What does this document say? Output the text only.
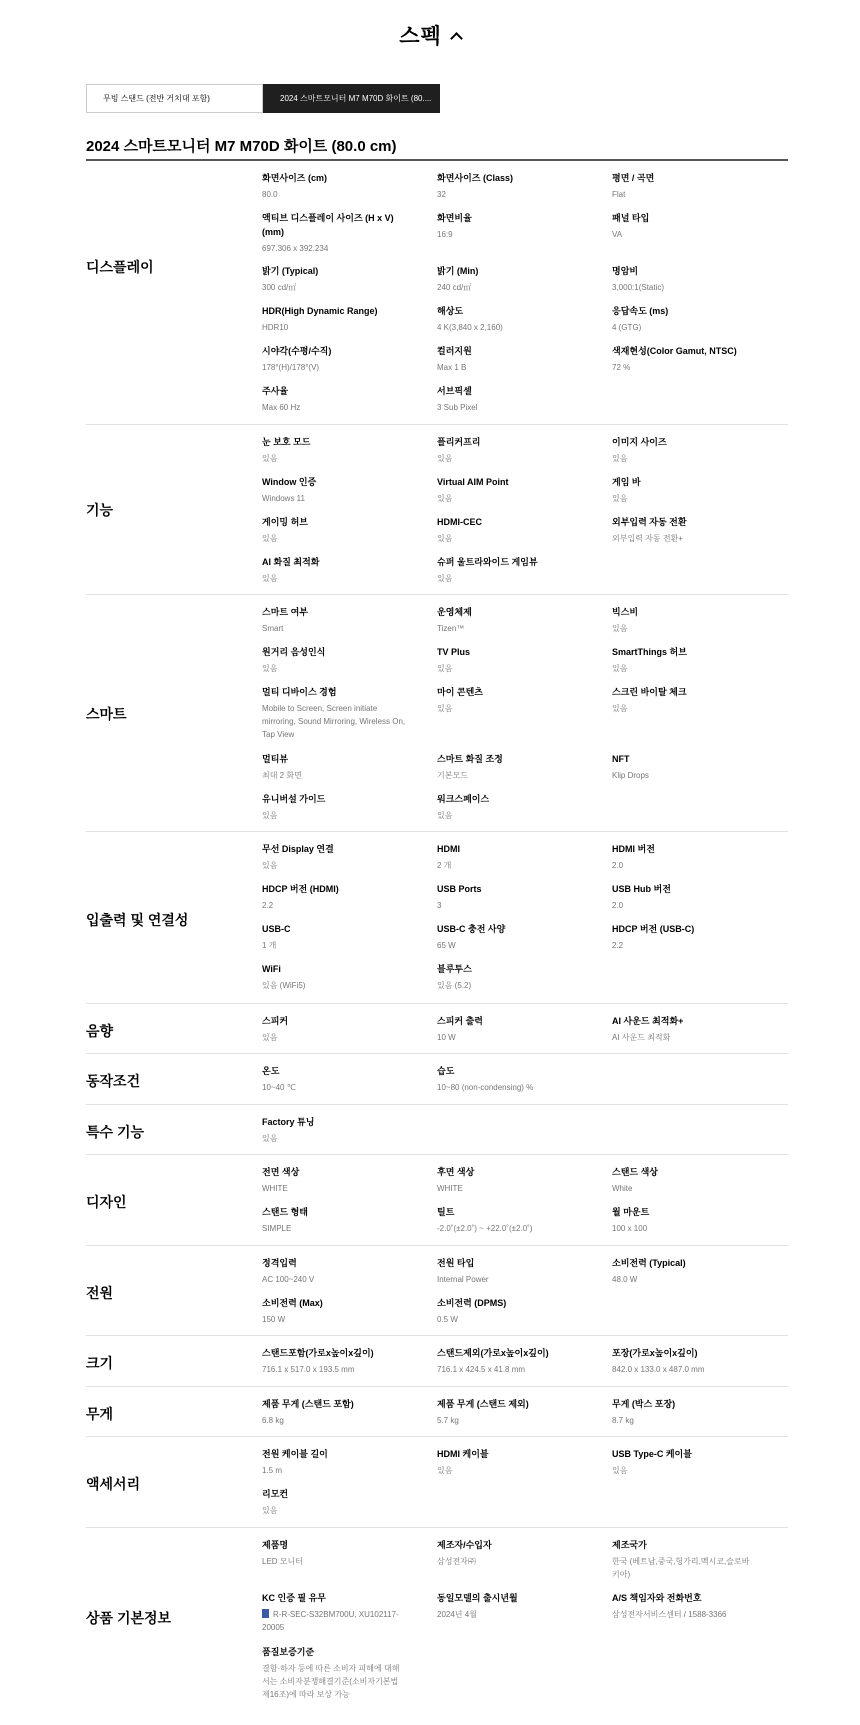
스펙
무빙 스탠드 (전반 거치대 포함)	2024 스마트모니터 M7 M70D 화이트 (80....
2024 스마트모니터 M7 M70D 화이트 (80.0 cm)
디스플레이
화면사이즈 (cm)
80.0
화면사이즈 (Class)
32
평면 / 곡면
Flat
액티브 디스플레이 사이즈 (H x V) (mm)
697.306 x 392.234
화면비율
16:9
패널 타입
VA
밝기 (Typical)
300 cd/㎡
밝기 (Min)
240 cd/㎡
명암비
3,000:1(Static)
HDR(High Dynamic Range)
HDR10
해상도
4 K(3,840 x 2,160)
응답속도 (ms)
4 (GTG)
시야각(수평/수직)
178°(H)/178°(V)
컬러지원
Max 1 B
색재현성(Color Gamut, NTSC)
72 %
주사율
Max 60 Hz
서브픽셀
3 Sub Pixel
기능
눈 보호 모드
있음
플리커프리
있음
이미지 사이즈
있음
Window 인증
Windows 11
Virtual AIM Point
있음
게임 바
있음
게이밍 허브
있음
HDMI-CEC
있음
외부입력 자동 전환
외부입력 자동 전환+
AI 화질 최적화
있음
슈퍼 울트라와이드 게임뷰
있음
스마트
스마트 여부
Smart
운영체제
Tizen™
빅스비
있음
원거리 음성인식
있음
TV Plus
있음
SmartThings 허브
있음
멀티 디바이스 경험
Mobile to Screen, Screen initiate mirroring, Sound Mirroring, Wireless On, Tap View
마이 콘텐츠
있음
스크린 바이탈 체크
있음
멀티뷰
최대 2 화면
스마트 화질 조정
기본모드
NFT
Klip Drops
유니버설 가이드
있음
워크스페이스
있음
입출력 및 연결성
무선 Display 연결
있음
HDMI
2 개
HDMI 버전
2.0
HDCP 버전 (HDMI)
2.2
USB Ports
3
USB Hub 버전
2.0
USB-C
1 개
USB-C 충전 사양
65 W
HDCP 버전 (USB-C)
2.2
WiFi
있음 (WiFi5)
블루투스
있음 (5.2)
음향
스피커
있음
스피커 출력
10 W
AI 사운드 최적화+
AI 사운드 최적화
동작조건
온도
10~40 ℃
습도
10~80 (non-condensing) %
특수 기능
Factory 튜닝
있음
디자인
전면 색상
WHITE
후면 색상
WHITE
스탠드 색상
White
스탠드 형태
SIMPLE
틸트
-2.0˚(±2.0˚) ~ +22.0˚(±2.0˚)
월 마운트
100 x 100
전원
정격입력
AC 100~240 V
전원 타입
Internal Power
소비전력 (Typical)
48.0 W
소비전력 (Max)
150 W
소비전력 (DPMS)
0.5 W
크기
스탠드포함(가로x높이x깊이)
716.1 x 517.0 x 193.5 mm
스탠드제외(가로x높이x깊이)
716.1 x 424.5 x 41.8 mm
포장(가로x높이x깊이)
842.0 x 133.0 x 487.0 mm
무게
제품 무게 (스탠드 포함)
6.8 kg
제품 무게 (스탠드 제외)
5.7 kg
무게 (박스 포장)
8.7 kg
액세서리
전원 케이블 길이
1.5 m
HDMI 케이블
있음
USB Type-C 케이블
있음
리모컨
있음
상품 기본정보
제품명
LED 모니터
제조자/수입자
삼성전자㈜
제조국가
한국 (베트남,중국,헝가리,멕시코,슬로바키아)
KC 인증 필 유무
R-R-SEC-S32BM700U, XU102117-20005
동일모델의 출시년월
2024년 4월
A/S 책임자와 전화번호
삼성전자서비스센터 / 1588-3366
품질보증기준
결함·하자 등에 따른 소비자 피해에 대해서는 소비자분쟁해결기준(소비자기본법 제16조)에 따라 보상 가능
